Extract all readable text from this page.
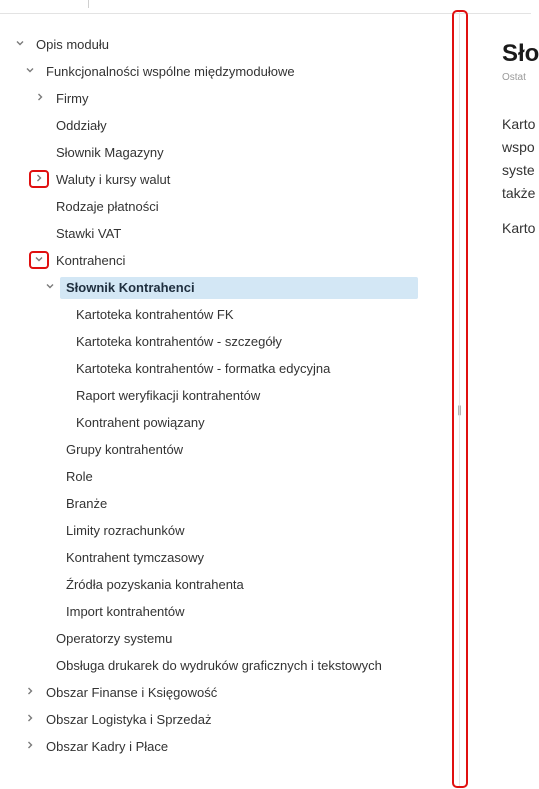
Opis modułu
Funkcjonalności wspólne międzymodułowe
Firmy
Oddziały
Słownik Magazyny
Waluty i kursy walut
Rodzaje płatności
Stawki VAT
Kontrahenci
Słownik Kontrahenci
Kartoteka kontrahentów FK
Kartoteka kontrahentów - szczegóły
Kartoteka kontrahentów - formatka edycyjna
Raport weryfikacji kontrahentów
Kontrahent powiązany
Grupy kontrahentów
Role
Branże
Limity rozrachunków
Kontrahent tymczasowy
Źródła pozyskania kontrahenta
Import kontrahentów
Operatorzy systemu
Obsługa drukarek do wydruków graficznych i tekstowych
Obszar Finanse i Księgowość
Obszar Logistyka i Sprzedaż
Obszar Kadry i Płace
‖
Sło
Ostat
Karto
wspo
syste
także
Karto
